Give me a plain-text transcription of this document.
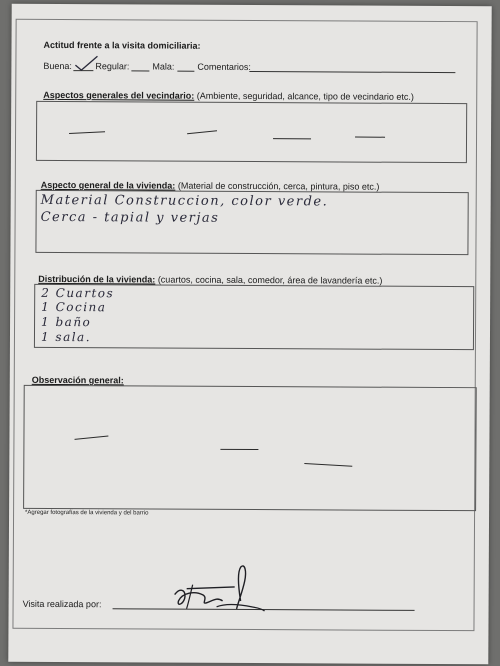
Actitud frente a la visita domiciliaria:
Buena:	Regular:	Mala:	Comentarios:
Aspectos generales del vecindario: (Ambiente, seguridad, alcance, tipo de vecindario etc.)
Aspecto general de la vivienda: (Material de construcción, cerca, pintura, piso etc.)
Material Construccion, color verde.
Cerca - tapial y verjas
Distribución de la vivienda: (cuartos, cocina, sala, comedor, área de lavandería etc.)
2 Cuartos
1 Cocina
1 baño
1 sala.
Observación general:
*Agregar fotografías de la vivienda y del barrio
Visita realizada por:
